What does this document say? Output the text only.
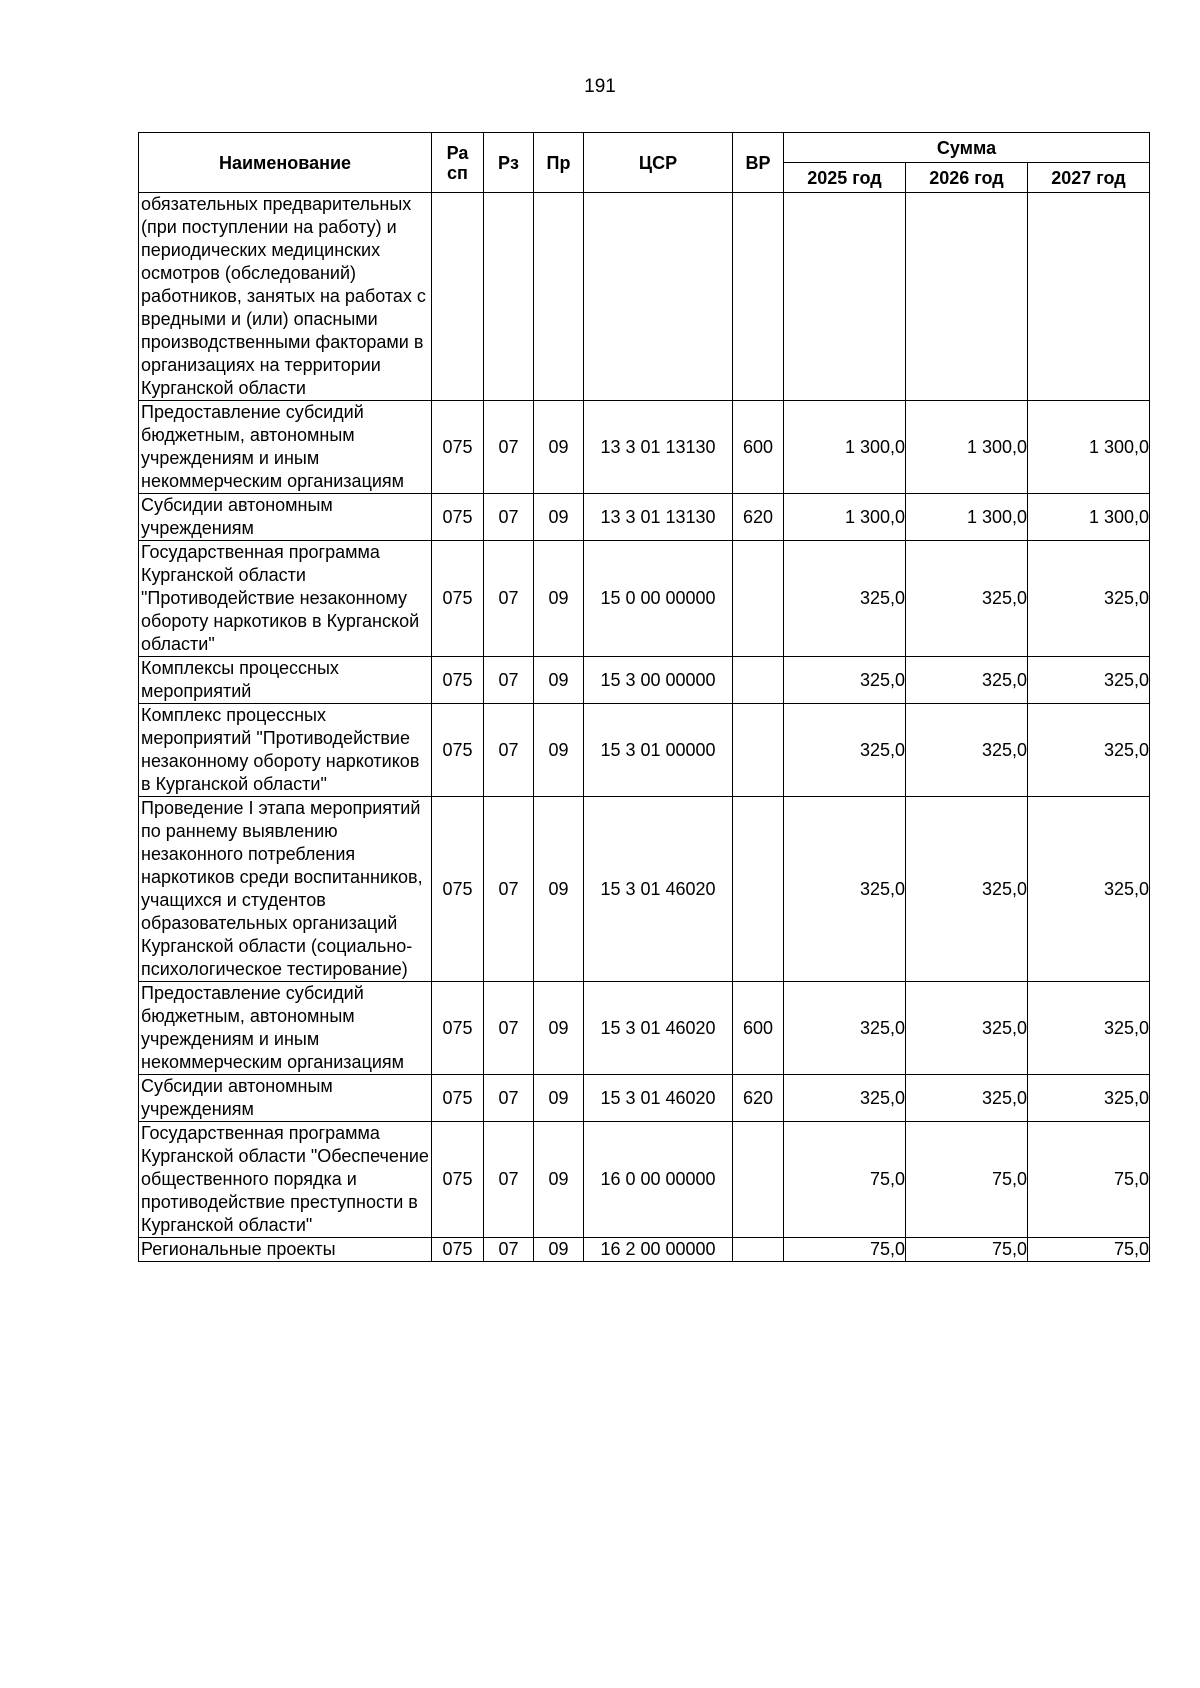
191
Наименование	Ра сп	Рз	Пр	ЦСР	ВР	Сумма		
						2025 год	2026 год	2027 год
обязательных предварительных (при поступлении на работу) и периодических медицинских осмотров (обследований) работников, занятых на работах с вредными и (или) опасными производственными факторами в организациях на территории Курганской области								
Предоставление субсидий бюджетным, автономным учреждениям и иным некоммерческим организациям	075	07	09	13 3 01 13130	600	1 300,0	1 300,0	1 300,0
Субсидии автономным учреждениям	075	07	09	13 3 01 13130	620	1 300,0	1 300,0	1 300,0
Государственная программа Курганской области "Противодействие незаконному обороту наркотиков в Курганской области"	075	07	09	15 0 00 00000		325,0	325,0	325,0
Комплексы процессных мероприятий	075	07	09	15 3 00 00000		325,0	325,0	325,0
Комплекс процессных мероприятий "Противодействие незаконному обороту наркотиков в Курганской области"	075	07	09	15 3 01 00000		325,0	325,0	325,0
Проведение I этапа мероприятий по раннему выявлению незаконного потребления наркотиков среди воспитанников, учащихся и студентов образовательных организаций Курганской области (социально-психологическое тестирование)	075	07	09	15 3 01 46020		325,0	325,0	325,0
Предоставление субсидий бюджетным, автономным учреждениям и иным некоммерческим организациям	075	07	09	15 3 01 46020	600	325,0	325,0	325,0
Субсидии автономным учреждениям	075	07	09	15 3 01 46020	620	325,0	325,0	325,0
Государственная программа Курганской области "Обеспечение общественного порядка и противодействие преступности в Курганской области"	075	07	09	16 0 00 00000		75,0	75,0	75,0
Региональные проекты	075	07	09	16 2 00 00000		75,0	75,0	75,0
